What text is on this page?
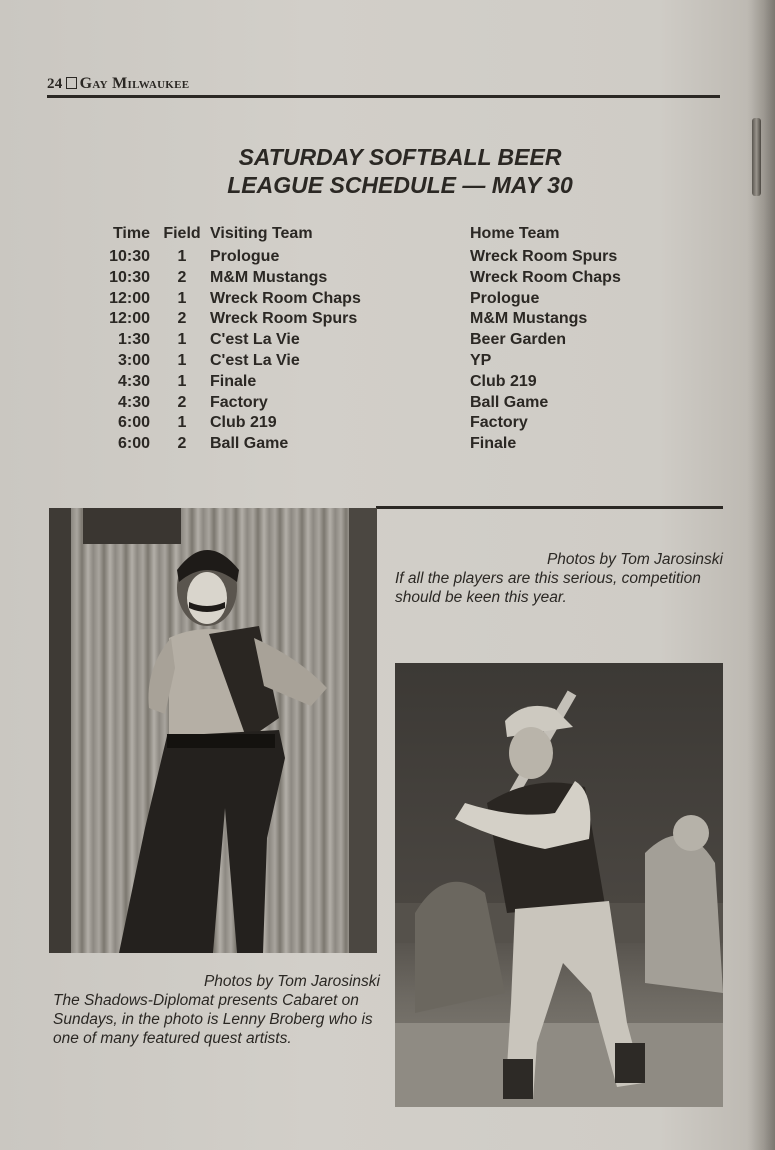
24 Gay Milwaukee
SATURDAY SOFTBALL BEER
LEAGUE SCHEDULE — MAY 30
Time	Field	Visiting Team	Home Team
10:30	1	Prologue	Wreck Room Spurs
10:30	2	M&M Mustangs	Wreck Room Chaps
12:00	1	Wreck Room Chaps	Prologue
12:00	2	Wreck Room Spurs	M&M Mustangs
1:30	1	C'est La Vie	Beer Garden
3:00	1	C'est La Vie	YP
4:30	1	Finale	Club 219
4:30	2	Factory	Ball Game
6:00	1	Club 219	Factory
6:00	2	Ball Game	Finale
Photos by Tom Jarosinski
If all the players are this serious, competition should be keen this year.
Photos by Tom Jarosinski
The Shadows-Diplomat presents Cabaret on Sundays, in the photo is Lenny Broberg who is one of many featured quest artists.
